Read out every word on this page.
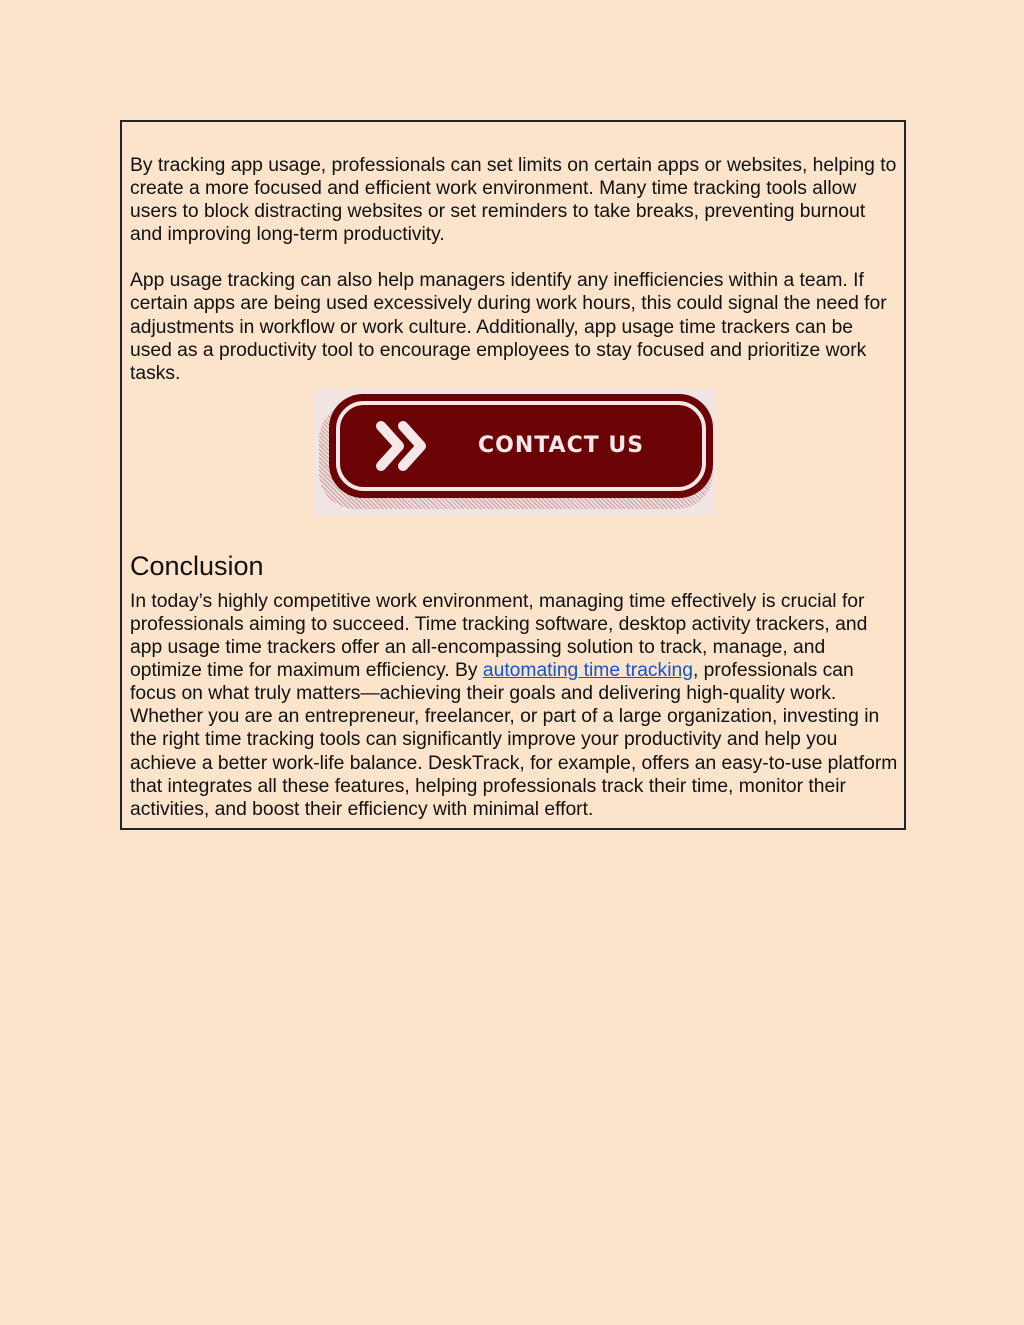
By tracking app usage, professionals can set limits on certain apps or websites, helping to create a more focused and efficient work environment. Many time tracking tools allow users to block distracting websites or set reminders to take breaks, preventing burnout and improving long-term productivity.

App usage tracking can also help managers identify any inefficiencies within a team. If certain apps are being used excessively during work hours, this could signal the need for adjustments in workflow or work culture. Additionally, app usage time trackers can be used as a productivity tool to encourage employees to stay focused and prioritize work tasks.

CONTACT US
Conclusion

In today’s highly competitive work environment, managing time effectively is crucial for professionals aiming to succeed. Time tracking software, desktop activity trackers, and app usage time trackers offer an all-encompassing solution to track, manage, and optimize time for maximum efficiency. By automating time tracking, professionals can focus on what truly matters—achieving their goals and delivering high-quality work. Whether you are an entrepreneur, freelancer, or part of a large organization, investing in the right time tracking tools can significantly improve your productivity and help you achieve a better work-life balance. DeskTrack, for example, offers an easy-to-use platform that integrates all these features, helping professionals track their time, monitor their activities, and boost their efficiency with minimal effort.
